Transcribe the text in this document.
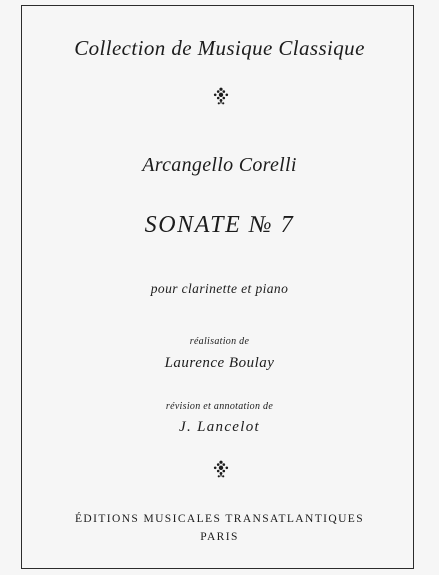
Collection de Musique Classique
Arcangello Corelli
SONATE № 7
pour clarinette et piano
réalisation de
Laurence Boulay
révision et annotation de
J. Lancelot
ÉDITIONS MUSICALES TRANSATLANTIQUES
PARIS
